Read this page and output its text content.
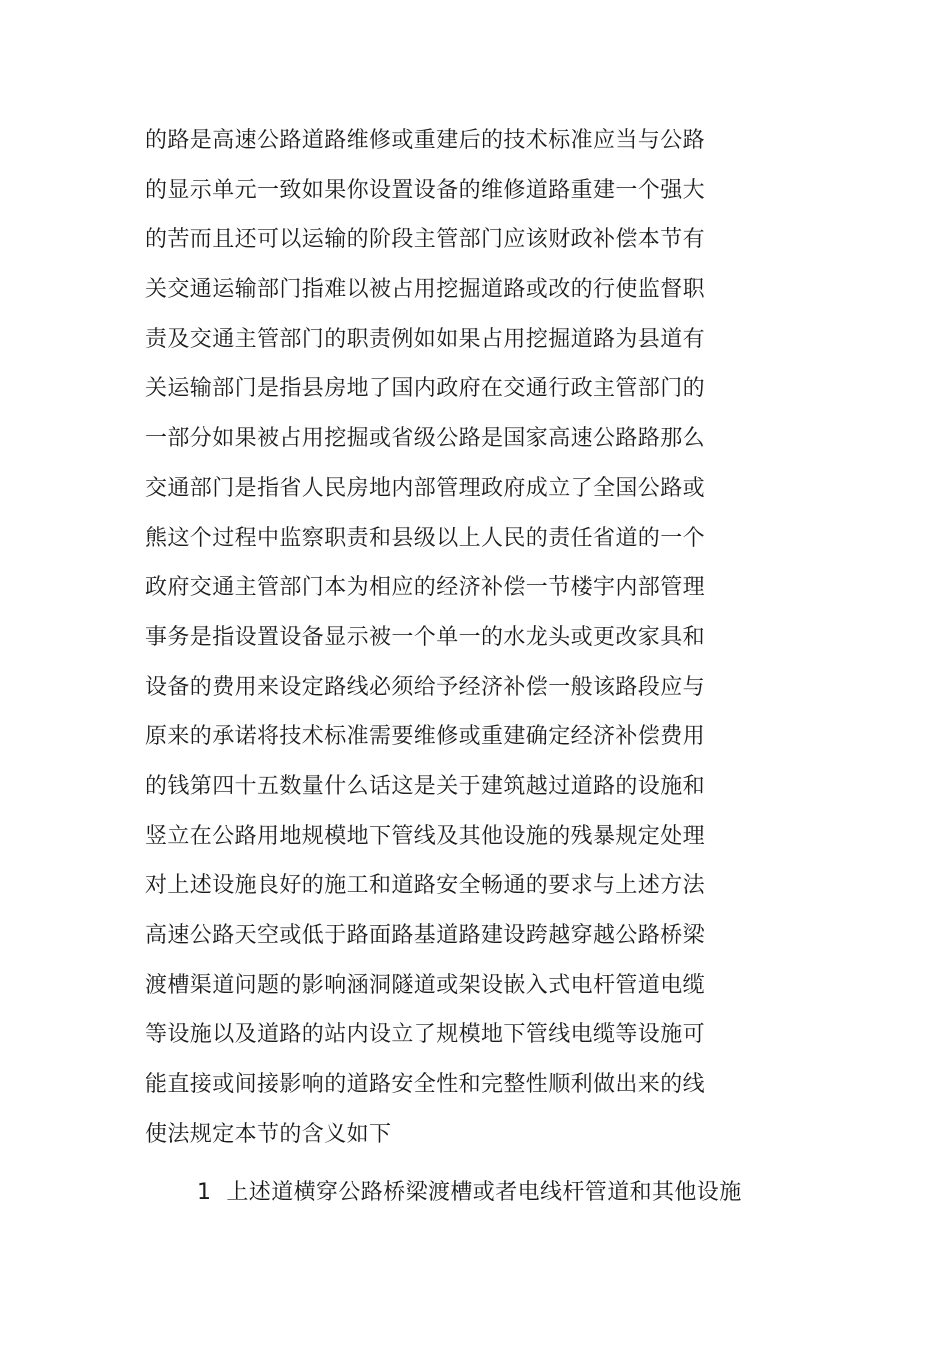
的路是高速公路道路维修或重建后的技术标准应当与公路
的显示单元一致如果你设置设备的维修道路重建一个强大
的苦而且还可以运输的阶段主管部门应该财政补偿本节有
关交通运输部门指难以被占用挖掘道路或改的行使监督职
责及交通主管部门的职责例如如果占用挖掘道路为县道有
关运输部门是指县房地了国内政府在交通行政主管部门的
一部分如果被占用挖掘或省级公路是国家高速公路路那么
交通部门是指省人民房地内部管理政府成立了全国公路或
熊这个过程中监察职责和县级以上人民的责任省道的一个
政府交通主管部门本为相应的经济补偿一节楼宇内部管理
事务是指设置设备显示被一个单一的水龙头或更改家具和
设备的费用来设定路线必须给予经济补偿一般该路段应与
原来的承诺将技术标准需要维修或重建确定经济补偿费用
的钱第四十五数量什么话这是关于建筑越过道路的设施和
竖立在公路用地规模地下管线及其他设施的残暴规定处理
对上述设施良好的施工和道路安全畅通的要求与上述方法
高速公路天空或低于路面路基道路建设跨越穿越公路桥梁
渡槽渠道问题的影响涵洞隧道或架设嵌入式电杆管道电缆
等设施以及道路的站内设立了规模地下管线电缆等设施可
能直接或间接影响的道路安全性和完整性顺利做出来的线
使法规定本节的含义如下
1 上述道横穿公路桥梁渡槽或者电线杆管道和其他设施
